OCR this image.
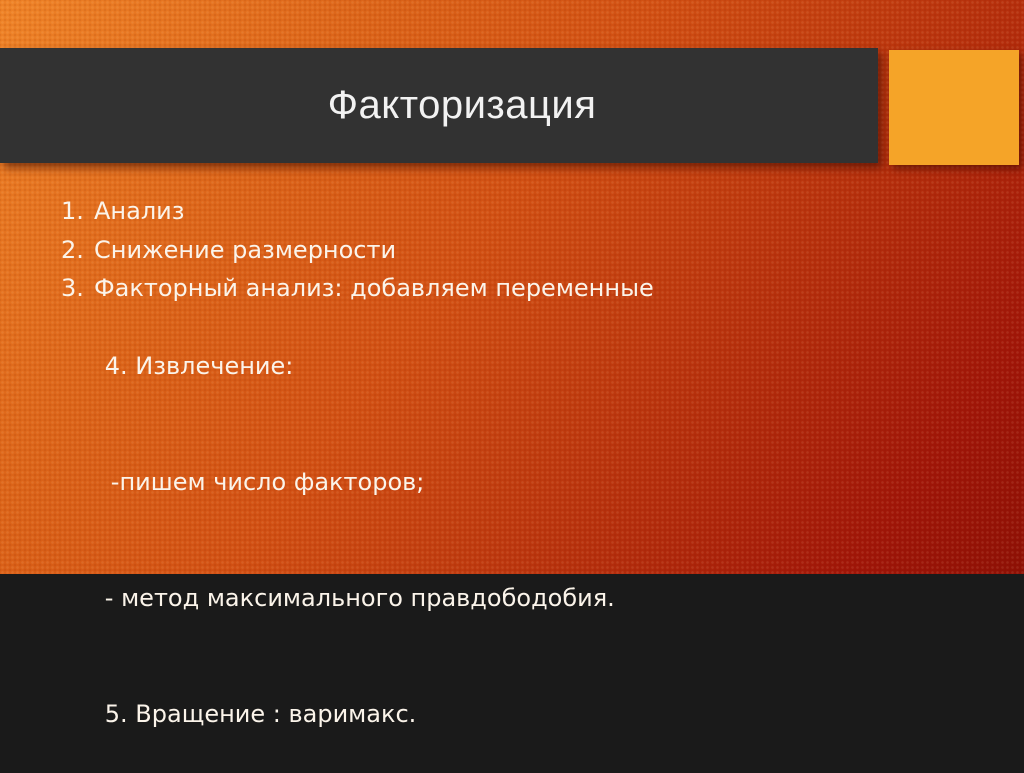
Факторизация
1. Анализ
2. Снижение размерности
3. Факторный анализ: добавляем переменные

4. Извлечение:

-пишем число факторов;

- метод максимального правдободобия.

5. Вращение : варимакс.
